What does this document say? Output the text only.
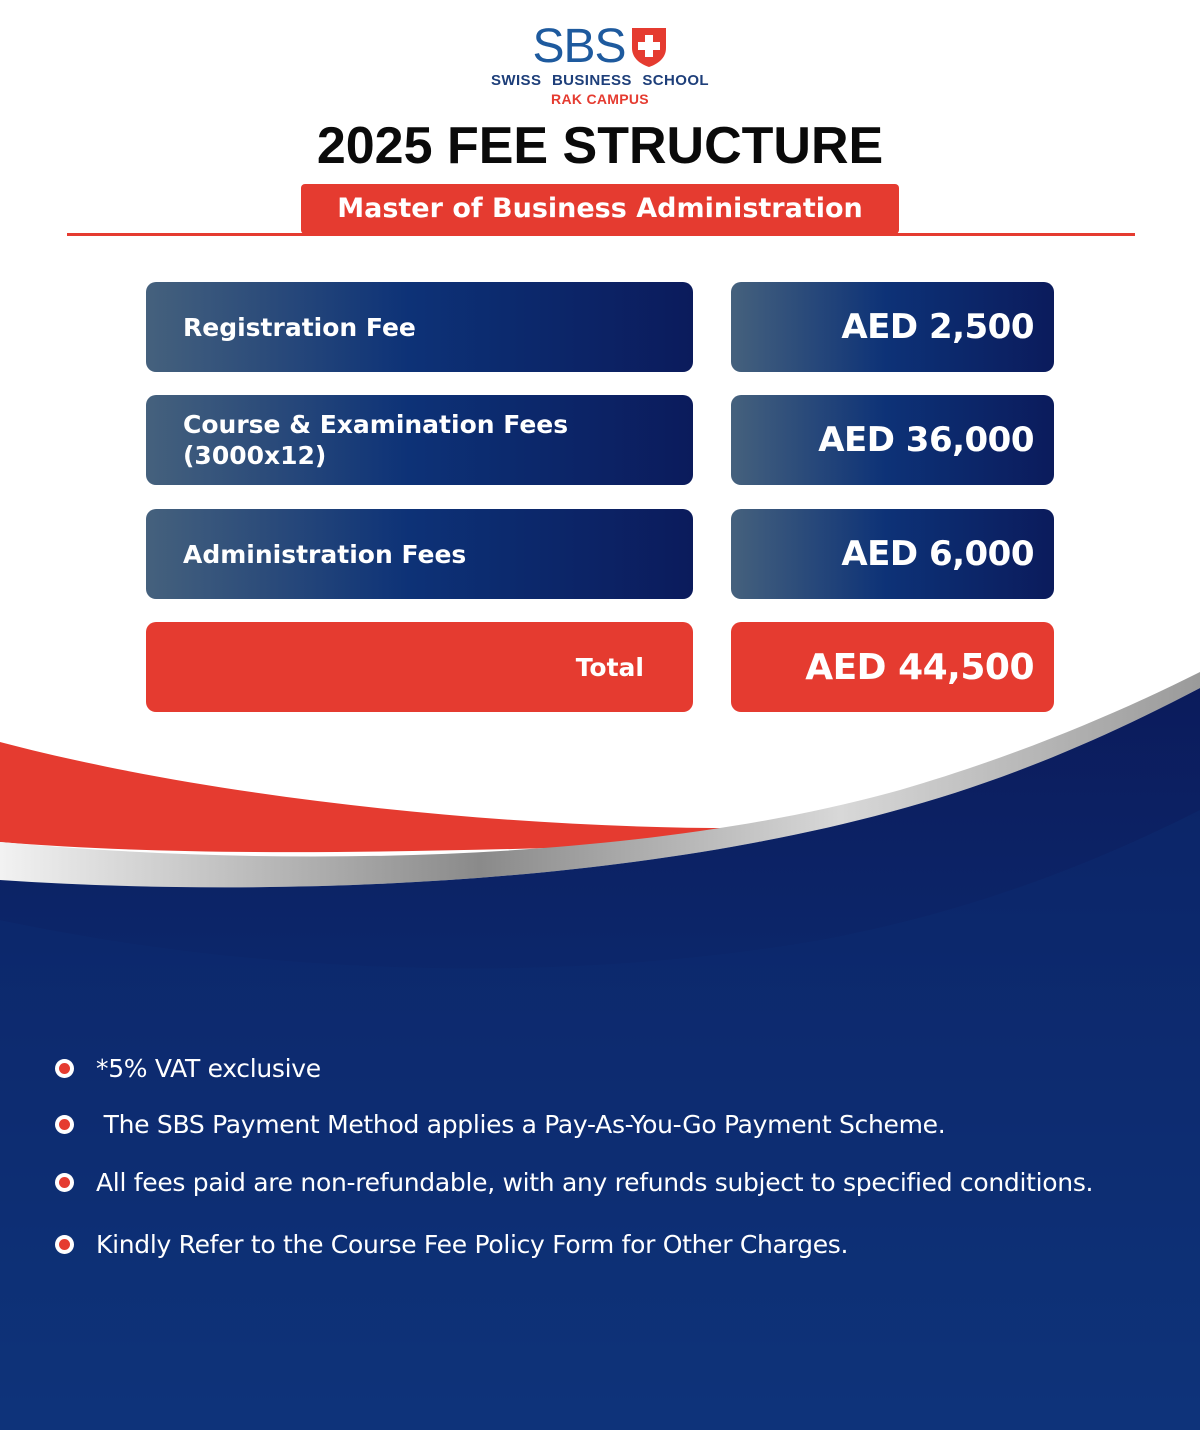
SBS
SWISS BUSINESS SCHOOL
RAK CAMPUS
2025 FEE STRUCTURE
Master of Business Administration
Registration Fee	AED 2,500
Course & Examination Fees (3000x12)	AED 36,000
Administration Fees	AED 6,000
Total	AED 44,500
*5% VAT exclusive
The SBS Payment Method applies a Pay-As-You-Go Payment Scheme.
All fees paid are non-refundable, with any refunds subject to specified conditions.
Kindly Refer to the Course Fee Policy Form for Other Charges.
